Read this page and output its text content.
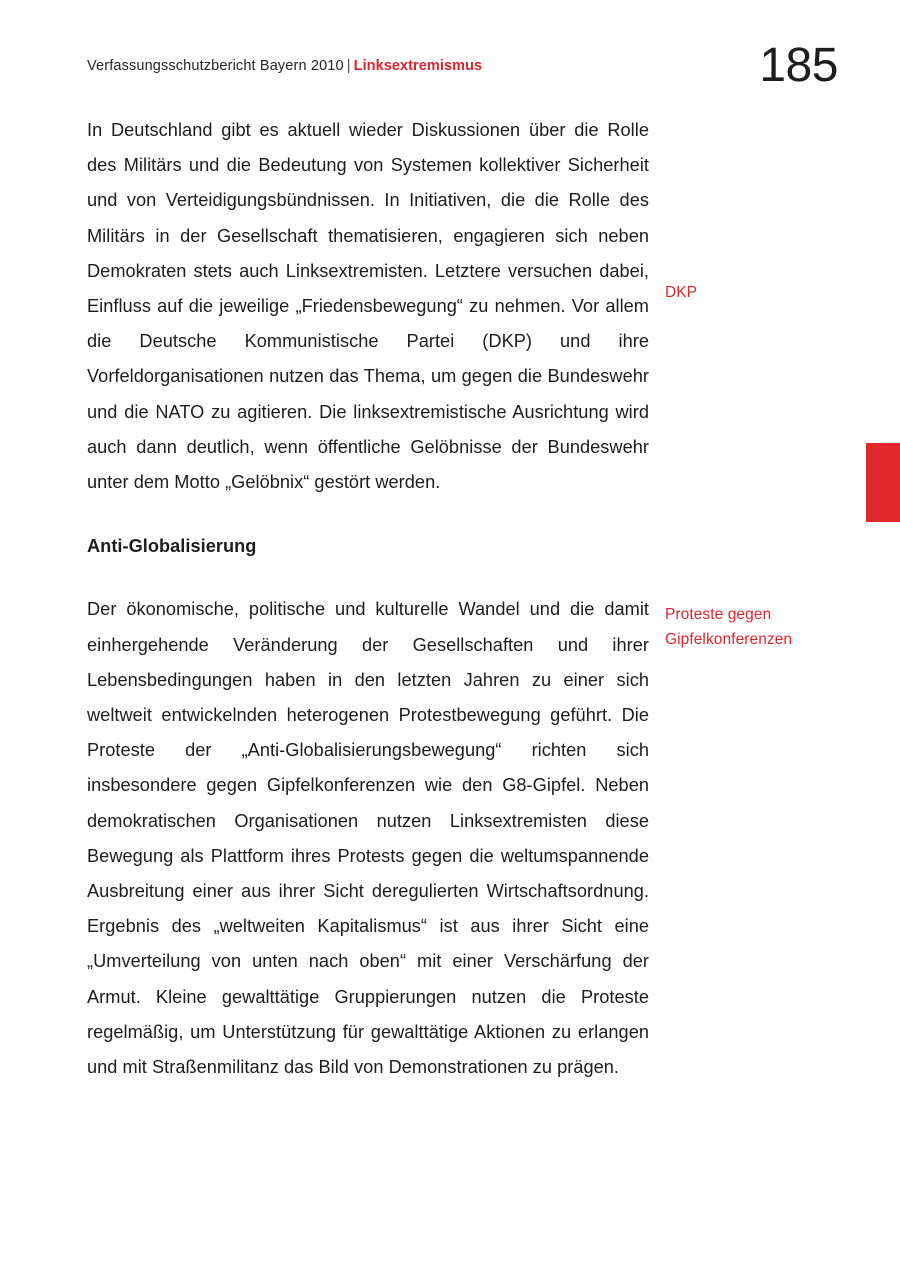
Verfassungsschutzbericht Bayern 2010 | Linksextremismus	185

In Deutschland gibt es aktuell wieder Diskussionen über die Rolle des Militärs und die Bedeutung von Systemen kollektiver Sicherheit und von Verteidigungsbündnissen. In Initiativen, die die Rolle des Militärs in der Gesellschaft thematisieren, engagieren sich neben Demokraten stets auch Linksextremisten. Letztere versuchen dabei, Einfluss auf die jeweilige „Friedensbewegung“ zu nehmen. Vor allem die Deutsche Kommunistische Partei (DKP) und ihre Vorfeldorganisationen nutzen das Thema, um gegen die Bundeswehr und die NATO zu agitieren. Die linksextremistische Ausrichtung wird auch dann deutlich, wenn öffentliche Gelöbnisse der Bundeswehr unter dem Motto „Gelöbnix“ gestört werden.

Anti-Globalisierung

Der ökonomische, politische und kulturelle Wandel und die damit einhergehende Veränderung der Gesellschaften und ihrer Lebensbedingungen haben in den letzten Jahren zu einer sich weltweit entwickelnden heterogenen Protestbewegung geführt. Die Proteste der „Anti-Globalisierungsbewegung“ richten sich insbesondere gegen Gipfelkonferenzen wie den G8-Gipfel. Neben demokratischen Organisationen nutzen Linksextremisten diese Bewegung als Plattform ihres Protests gegen die weltumspannende Ausbreitung einer aus ihrer Sicht deregulierten Wirtschaftsordnung. Ergebnis des „weltweiten Kapitalismus“ ist aus ihrer Sicht eine „Umverteilung von unten nach oben“ mit einer Verschärfung der Armut. Kleine gewalttätige Gruppierungen nutzen die Proteste regelmäßig, um Unterstützung für gewalttätige Aktionen zu erlangen und mit Straßenmilitanz das Bild von Demonstrationen zu prägen.

DKP
Proteste gegen
Gipfelkonferenzen
